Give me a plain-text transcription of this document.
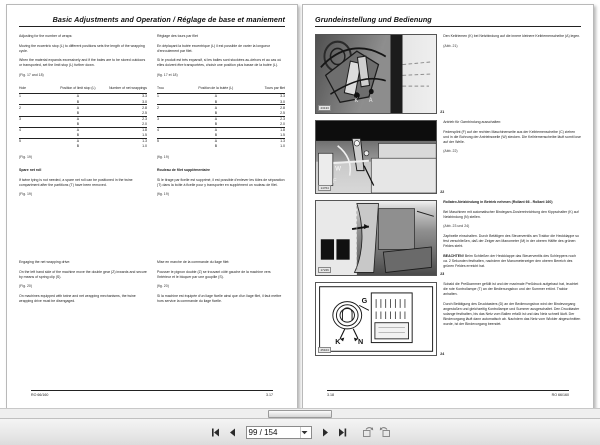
Basic Adjustments and Operation / Réglage de base et maniement

Adjusting for the number of wraps:

Moving the eccentric stop (L) to different positions sets the length of the wrapping cycle.

When the material expands excessively and if the bales are to be stored outdoors or transported, set the limit stop (L) further down.

(Fig. 17 and 18)

Hole	Position of limit stop (L)	Number of net wrappings
1	A	3.3
	B	3.0
2	A	2.8
	B	2.5
3	A	2.3
	B	2.0
4	A	1.8
	B	1.5
5	A	1.3
	B	1.0

(Fig. 19)

Spare net roll

If twine tying is not needed, a spare net roll can be positioned in the twine compartment after the partitions (T) have been removed.

(Fig. 19)

Engaging the net wrapping drive:

On the left hand side of the machine move the double gear (Z) inwards and secure by means of spring clip (S).

(Fig. 20)

On machines equipped with twine and net wrapping mechanisms, the twine wrapping drive must be disengaged.

Réglage des tours par filet

En déplaçant la butée excentrique (L) il est possible de varier la longueur d'enroulement par filet.

Si le produit est très expansif, si les balles sont stockées au-dehors et au cas où elles doivent être transportées, choisir une position plus basse de la butée (L).

(fig. 17 et 18)

Trou	Position de la butée (L)	Tours par filet
1	A	3.3
	B	3.0
2	A	2.8
	B	2.5
3	A	2.3
	B	2.0
4	A	1.8
	B	1.5
5	A	1.3
	B	1.0

(fig. 19)

Rouleau de filet supplémentaire

Si le tirage par ficelle est supprimé, il est possible d'enlever les tôles de séparation (T) dans la boîte à ficelle pour y transporter en supplément un rouleau de filet.

(fig. 19)

Mise en marche de la commande du liage filet:

Pousser le pignon double (Z) se trouvant côté gauche de la machine vers l'intérieur et le bloquer par une goupille (S).

(fig. 20)

Si la machine est équipée d'un liage ficelle ainsi que d'un liage filet, il faut mettre hors service la commande du liage ficelle.

RO 66/160	3.17
Grundeinstellung und Bedienung
K A
23133
21

Den Keilriemen (K) bei Netzbindung auf die innere kleinere Keilriemenscheibe (A) legen.

(Abb. 21)

W
F
14764
22

Antrieb für Garnbindung ausschalten:

Federsplint (F) auf der rechten Maschinenseite aus der Keilriemenscheibe (C) ziehen und in die Bohrung der Antriebswelle (W) stecken. Die Keilriemenscheibe läuft somit lose auf der Welle.

(Abb. 22)

17246
23

Rollatex-Netzbindung in Betrieb nehmen (Rollant 66 - Rollant 160)

Bei Maschinen mit automatischer Bindegarn-Dosiereinrichtung den Kippschalter (K) auf Netzbindung (N) stellen.

(Abb. 23 und 24)

Zapfwelle einschalten. Durch Betätigen des Steuerventils am Traktor die Heckklappe so fest verschließen, daß der Zeiger am Manometer (M) in der oberen Hälfte des grünen Feldes steht.

BEACHTEN! Beim Schließen der Heckklappe das Steuerventils des Schleppers noch ca. 2 Sekunden festhalten, nachdem der Manometerzeiger den oberen Bereich des grünen Feldes erreicht hat.

K	N
G
25104
24

Sobald die Preßkammer gefüllt ist und der maximale Preßdruck aufgebaut hat, leuchtet die rote Kontrollampe (T) an der Bedienungsbox und der Summer ertönt. Traktor anhalten.

Durch Betätigung des Drucktasters (D) an der Bedienungsbox wird der Bindevorgang angestoßen und gleichzeitig Kontrollampe und Summer ausgeschaltet. Den Drucktaster solange festhalten, bis das Netz vom Ballen erfaßt ist und das Netz schnell läuft. Der Bindevorgang läuft dann automatisch ab. Nachdem das Netz vom Wickler abgeschnitten wurde, ist der Bindevorgang beendet.

3.18	RO 66/160
99 / 154
